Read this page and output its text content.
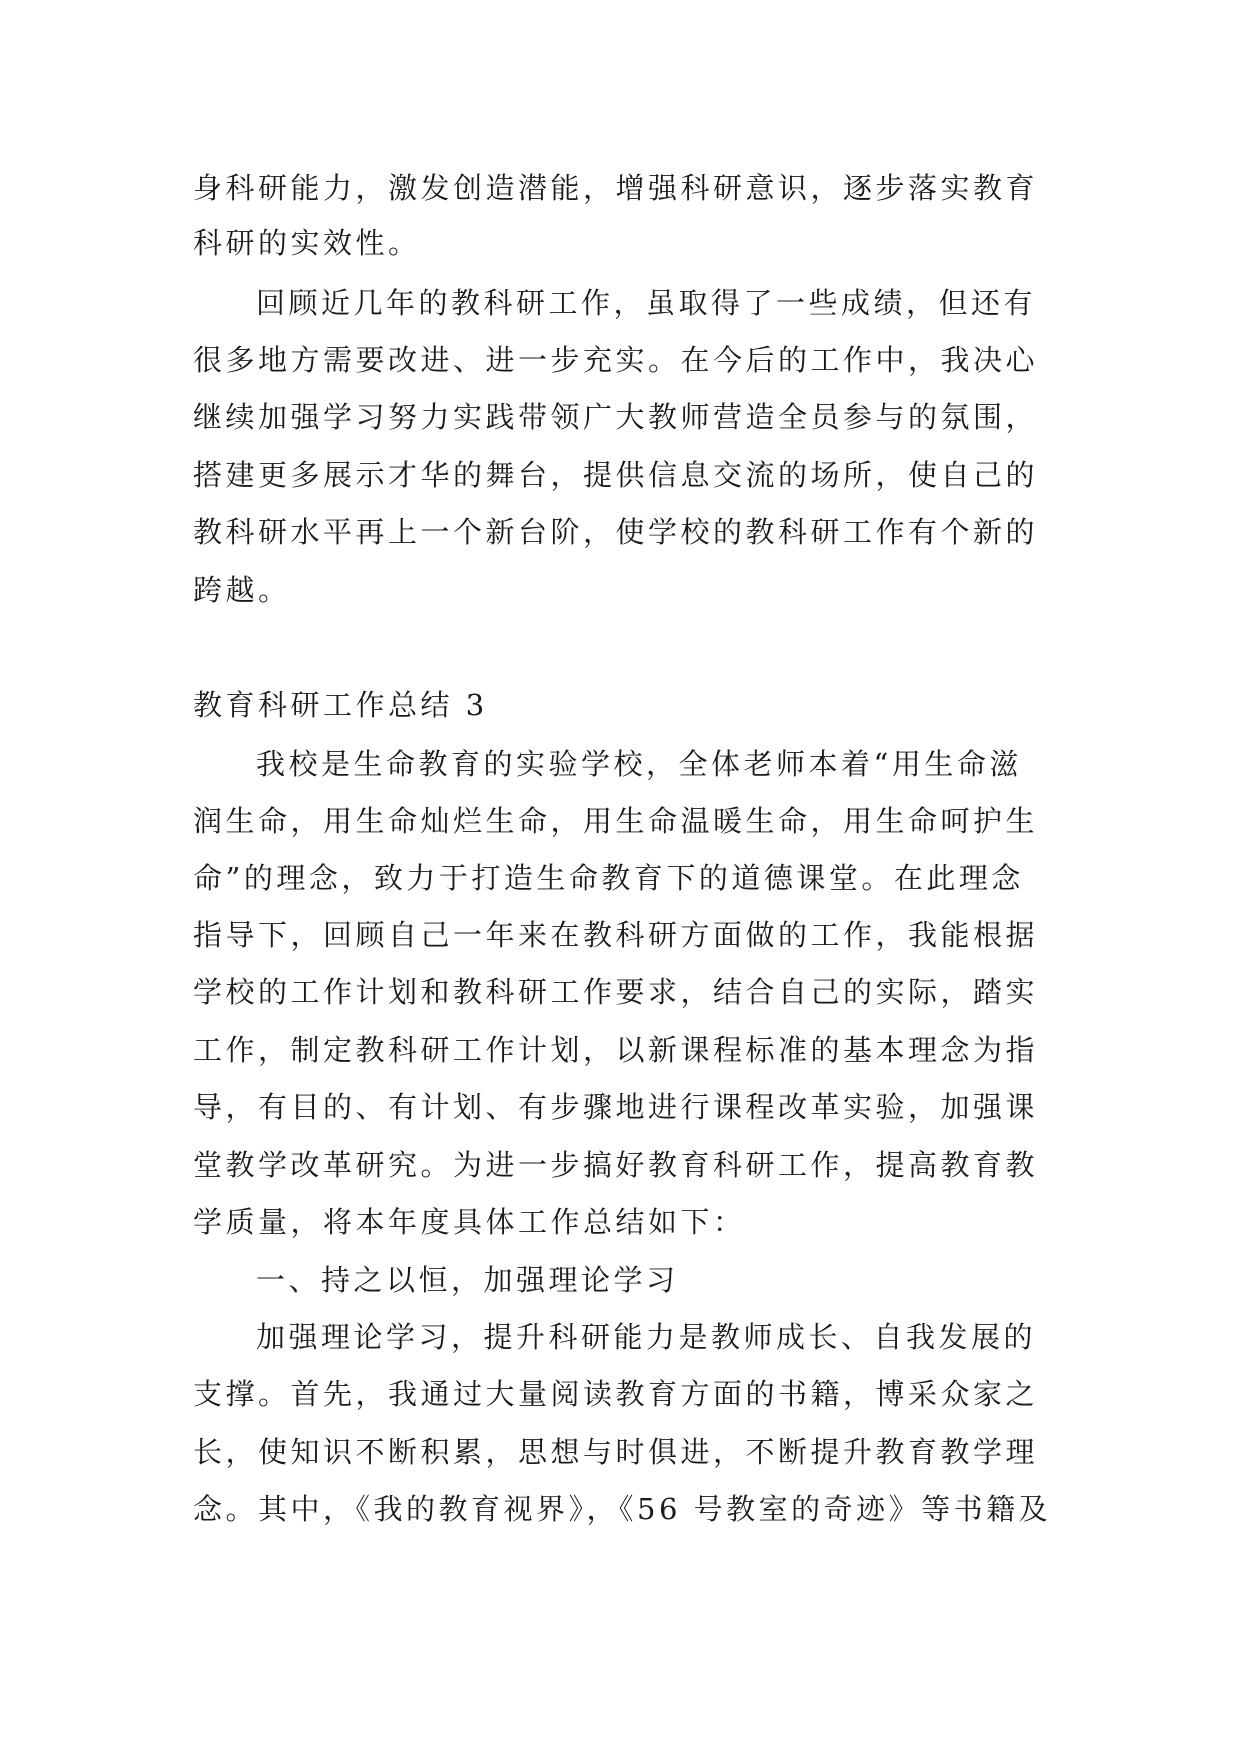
身科研能力，激发创造潜能，增强科研意识，逐步落实教育
科研的实效性。
回顾近几年的教科研工作，虽取得了一些成绩，但还有
很多地方需要改进、进一步充实。在今后的工作中，我决心
继续加强学习努力实践带领广大教师营造全员参与的氛围，
搭建更多展示才华的舞台，提供信息交流的场所，使自己的
教科研水平再上一个新台阶，使学校的教科研工作有个新的
跨越。
教育科研工作总结 3
我校是生命教育的实验学校，全体老师本着“用生命滋
润生命，用生命灿烂生命，用生命温暖生命，用生命呵护生
命”的理念，致力于打造生命教育下的道德课堂。在此理念
指导下，回顾自己一年来在教科研方面做的工作，我能根据
学校的工作计划和教科研工作要求，结合自己的实际，踏实
工作，制定教科研工作计划，以新课程标准的基本理念为指
导，有目的、有计划、有步骤地进行课程改革实验，加强课
堂教学改革研究。为进一步搞好教育科研工作，提高教育教
学质量，将本年度具体工作总结如下：
一、持之以恒，加强理论学习
加强理论学习，提升科研能力是教师成长、自我发展的
支撑。首先，我通过大量阅读教育方面的书籍，博采众家之
长，使知识不断积累，思想与时俱进，不断提升教育教学理
念。其中，《我的教育视界》，《56 号教室的奇迹》等书籍及
